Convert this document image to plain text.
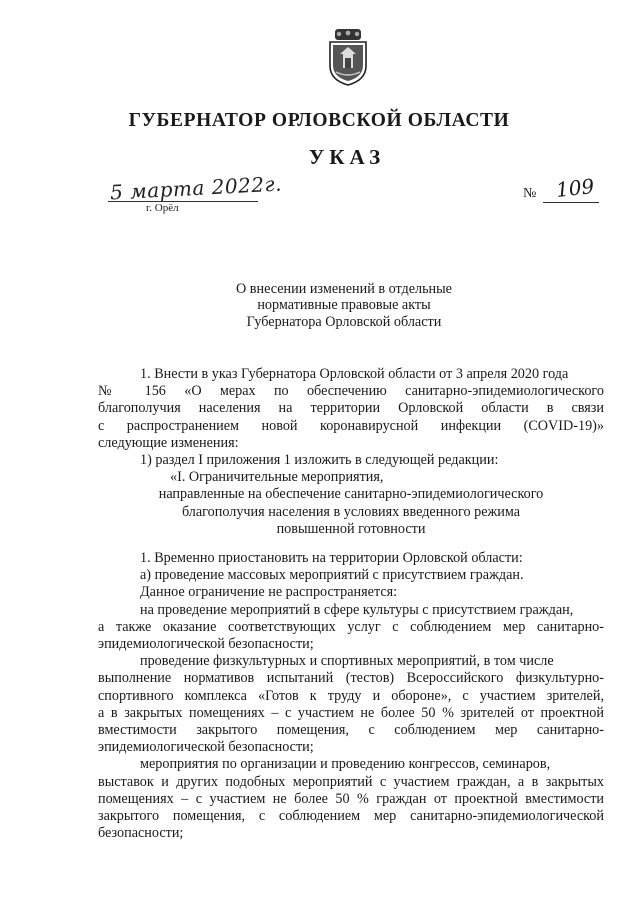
ГУБЕРНАТОР ОРЛОВСКОЙ ОБЛАСТИ
УКАЗ
5 марта 2022г.
г. Орёл
№ 109
О внесении изменений в отдельные
нормативные правовые акты
Губернатора Орловской области
1. Внести в указ Губернатора Орловской области от 3 апреля 2020 года
№ 156 «О мерах по обеспечению санитарно-эпидемиологического
благополучия населения на территории Орловской области в связи
с распространением новой коронавирусной инфекции (COVID-19)»
следующие изменения:
1) раздел I приложения 1 изложить в следующей редакции:
«I. Ограничительные мероприятия,
направленные на обеспечение санитарно-эпидемиологического
благополучия населения в условиях введенного режима
повышенной готовности
1. Временно приостановить на территории Орловской области:
а) проведение массовых мероприятий с присутствием граждан.
Данное ограничение не распространяется:
на проведение мероприятий в сфере культуры с присутствием граждан,
а также оказание соответствующих услуг с соблюдением мер санитарно-
эпидемиологической безопасности;
проведение физкультурных и спортивных мероприятий, в том числе
выполнение нормативов испытаний (тестов) Всероссийского физкультурно-
спортивного комплекса «Готов к труду и обороне», с участием зрителей,
а в закрытых помещениях – с участием не более 50 % зрителей от проектной
вместимости закрытого помещения, с соблюдением мер санитарно-
эпидемиологической безопасности;
мероприятия по организации и проведению конгрессов, семинаров,
выставок и других подобных мероприятий с участием граждан, а в закрытых
помещениях – с участием не более 50 % граждан от проектной вместимости
закрытого помещения, с соблюдением мер санитарно-эпидемиологической
безопасности;
